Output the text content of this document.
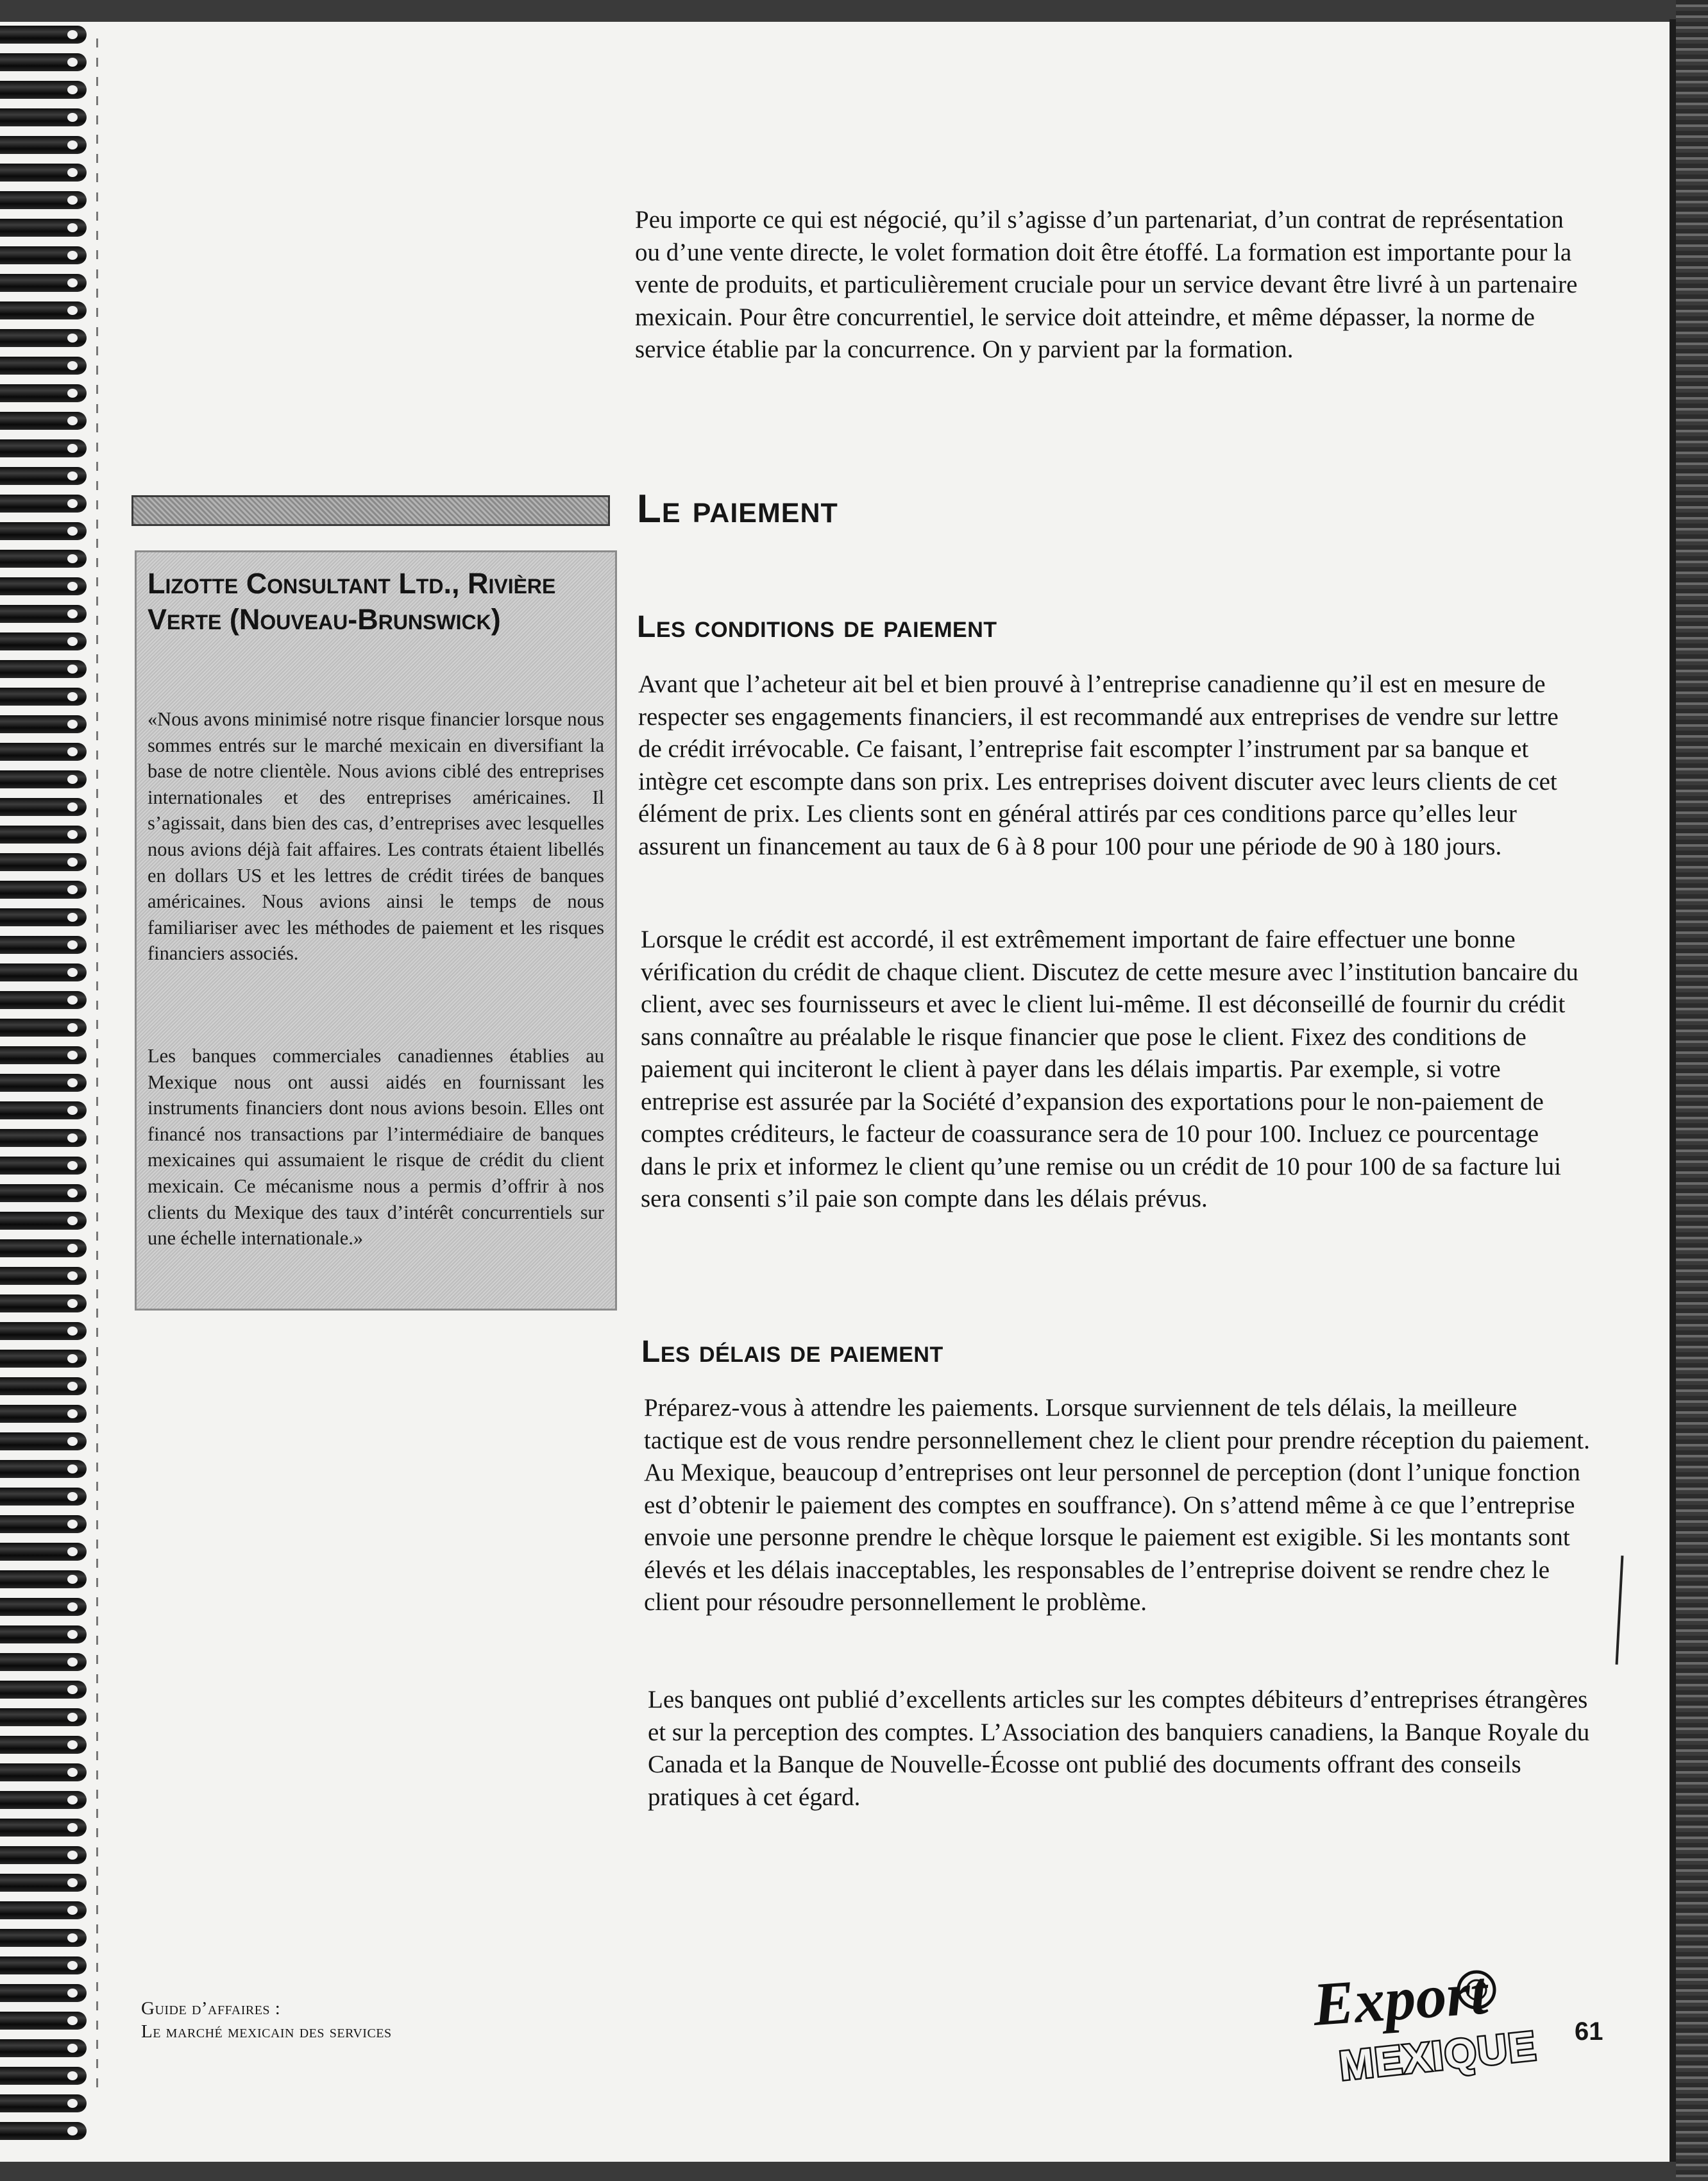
Peu importe ce qui est négocié, qu’il s’agisse d’un partenariat, d’un contrat de représentation ou d’une vente directe, le volet formation doit être étoffé. La formation est importante pour la vente de produits, et particulièrement cruciale pour un service devant être livré à un partenaire mexicain. Pour être concurrentiel, le service doit atteindre, et même dépasser, la norme de service établie par la concurrence. On y parvient par la formation.

Le paiement
Les conditions de paiement

Avant que l’acheteur ait bel et bien prouvé à l’entreprise canadienne qu’il est en mesure de respecter ses engagements financiers, il est recommandé aux entreprises de vendre sur lettre de crédit irrévocable. Ce faisant, l’entreprise fait escompter l’instrument par sa banque et intègre cet escompte dans son prix. Les entreprises doivent discuter avec leurs clients de cet élément de prix. Les clients sont en général attirés par ces conditions parce qu’elles leur assurent un financement au taux de 6 à 8 pour 100 pour une période de 90 à 180 jours.

Lorsque le crédit est accordé, il est extrêmement important de faire effectuer une bonne vérification du crédit de chaque client. Discutez de cette mesure avec l’institution bancaire du client, avec ses fournisseurs et avec le client lui-même. Il est déconseillé de fournir du crédit sans connaître au préalable le risque financier que pose le client. Fixez des conditions de paiement qui inciteront le client à payer dans les délais impartis. Par exemple, si votre entreprise est assurée par la Société d’expansion des exportations pour le non-paiement de comptes créditeurs, le facteur de coassurance sera de 10 pour 100. Incluez ce pourcentage dans le prix et informez le client qu’une remise ou un crédit de 10 pour 100 de sa facture lui sera consenti s’il paie son compte dans les délais prévus.

Les délais de paiement

Préparez-vous à attendre les paiements. Lorsque surviennent de tels délais, la meilleure tactique est de vous rendre personnellement chez le client pour prendre réception du paiement. Au Mexique, beaucoup d’entreprises ont leur personnel de perception (dont l’unique fonction est d’obtenir le paiement des comptes en souffrance). On s’attend même à ce que l’entreprise envoie une personne prendre le chèque lorsque le paiement est exigible. Si les montants sont élevés et les délais inacceptables, les responsables de l’entreprise doivent se rendre chez le client pour résoudre personnellement le problème.

Les banques ont publié d’excellents articles sur les comptes débiteurs d’entreprises étrangères et sur la perception des comptes. L’Association des banquiers canadiens, la Banque Royale du Canada et la Banque de Nouvelle-Écosse ont publié des documents offrant des conseils pratiques à cet égard.

Lizotte Consultant Ltd., Rivière Verte (Nouveau-Brunswick)

«Nous avons minimisé notre risque financier lorsque nous sommes entrés sur le marché mexicain en diversifiant la base de notre clientèle. Nous avions ciblé des entreprises internationales et des entreprises américaines. Il s’agissait, dans bien des cas, d’entreprises avec lesquelles nous avions déjà fait affaires. Les contrats étaient libellés en dollars US et les lettres de crédit tirées de banques américaines. Nous avions ainsi le temps de nous familiariser avec les méthodes de paiement et les risques financiers associés.

Les banques commerciales canadiennes établies au Mexique nous ont aussi aidés en fournissant les instruments financiers dont nous avions besoin. Elles ont financé nos transactions par l’intermédiaire de banques mexicaines qui assumaient le risque de crédit du client mexicain. Ce mécanisme nous a permis d’offrir à nos clients du Mexique des taux d’intérêt concurrentiels sur une échelle internationale.»

Guide d’affaires :
Le marché mexicain des services	Export
MEXIQUE 61
